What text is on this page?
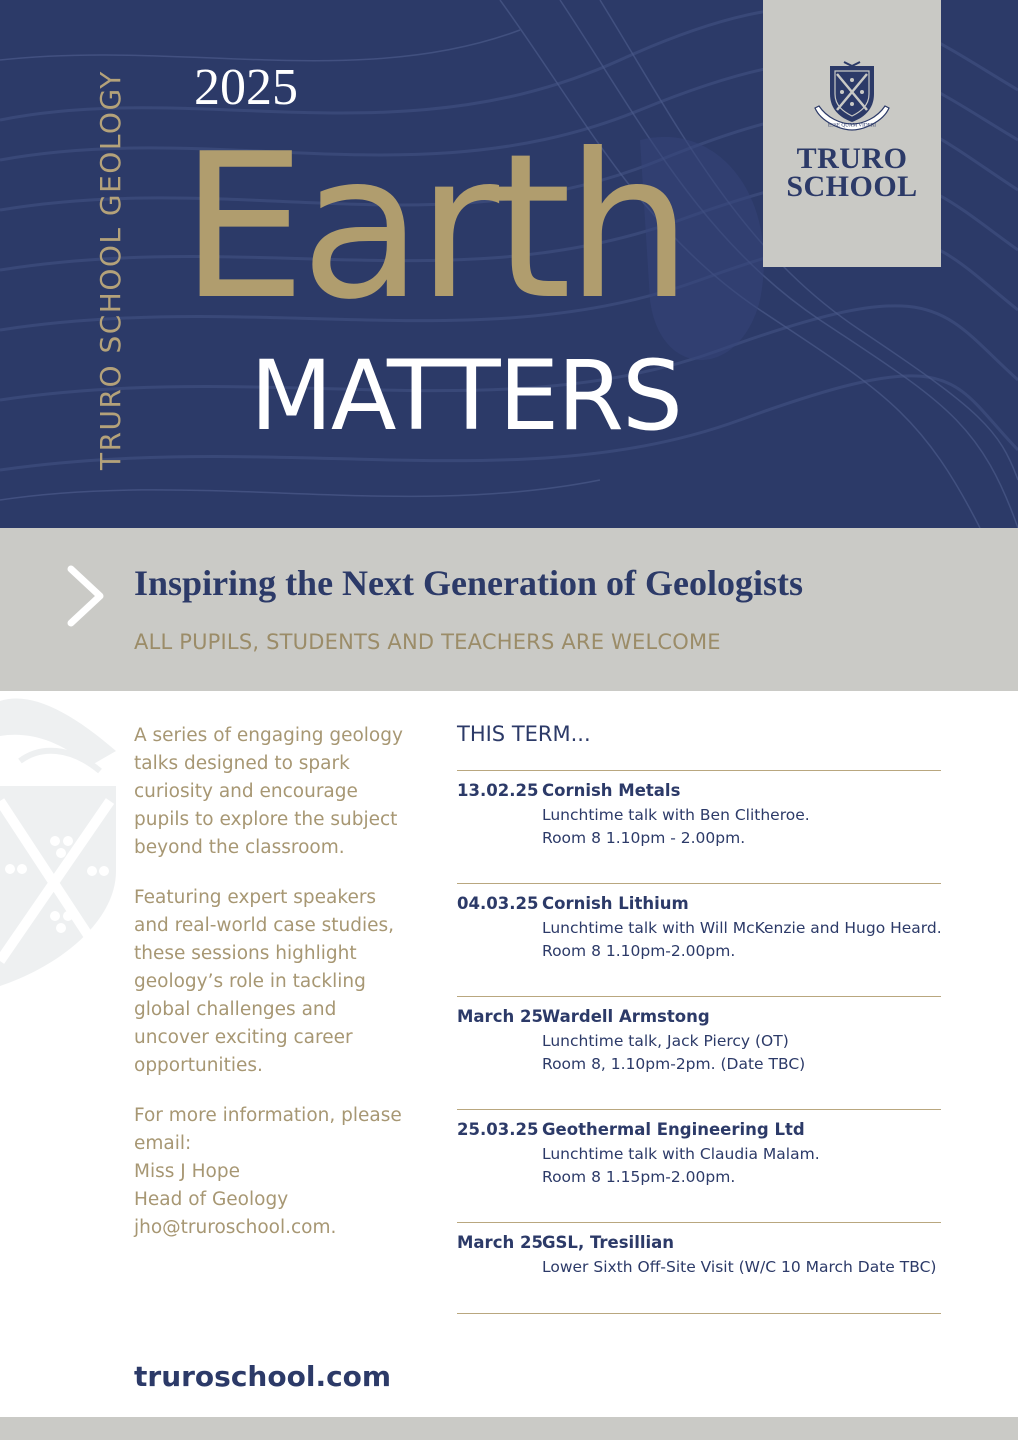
TRURO SCHOOL GEOLOGY 2025
Earth
MATTERS
ESSE QUAM VIDERI
TRURO
SCHOOL
Inspiring the Next Generation of Geologists
ALL PUPILS, STUDENTS AND TEACHERS ARE WELCOME

A series of engaging geology talks designed to spark curiosity and encourage pupils to explore the subject beyond the classroom.

Featuring expert speakers and real-world case studies, these sessions highlight geology’s role in tackling global challenges and uncover exciting career opportunities.

For more information, please email:
Miss J Hope
Head of Geology
jho@truroschool.com.

THIS TERM...
13.02.25 Cornish Metals
Lunchtime talk with Ben Clitheroe.
Room 8 1.10pm - 2.00pm.
04.03.25 Cornish Lithium
Lunchtime talk with Will McKenzie and Hugo Heard.
Room 8 1.10pm-2.00pm.
March 25 Wardell Armstong
Lunchtime talk, Jack Piercy (OT)
Room 8, 1.10pm-2pm. (Date TBC)
25.03.25 Geothermal Engineering Ltd
Lunchtime talk with Claudia Malam.
Room 8 1.15pm-2.00pm.
March 25 GSL, Tresillian
Lower Sixth Off-Site Visit (W/C 10 March Date TBC)
truroschool.com
